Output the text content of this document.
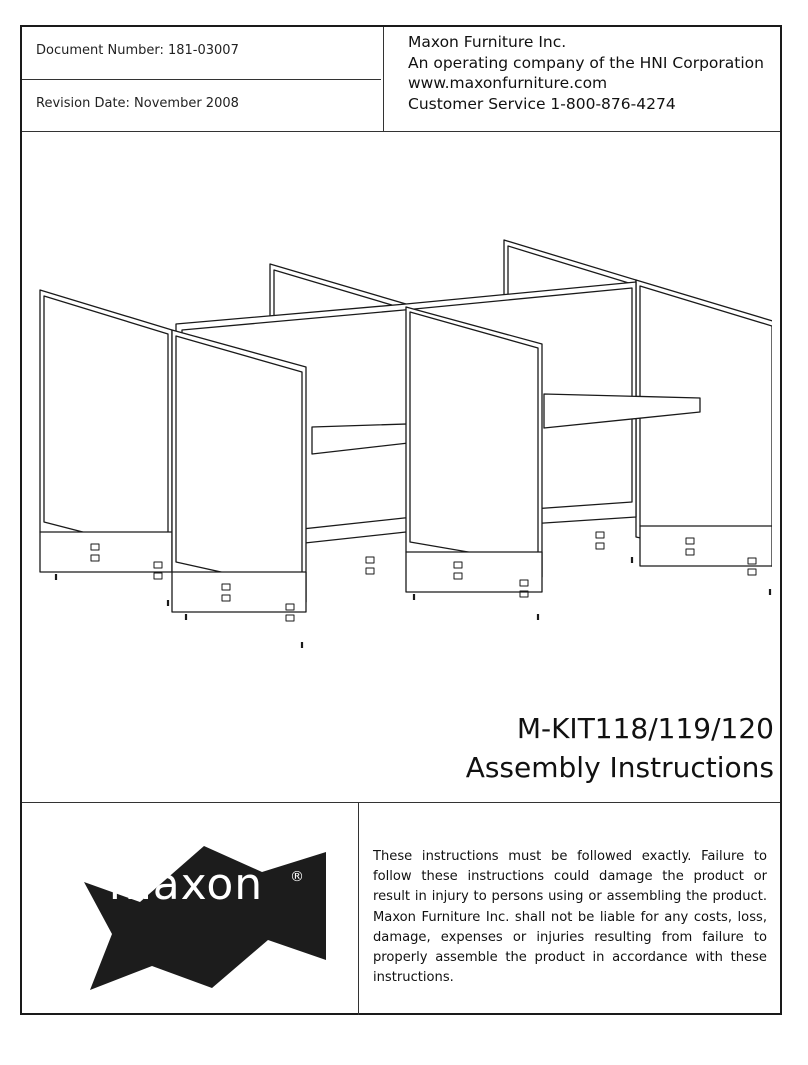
Document Number: 181-03007
Revision Date: November 2008
Maxon Furniture Inc.
An operating company of the HNI Corporation
www.maxonfurniture.com
Customer Service 1-800-876-4274
M-KIT118/119/120
Assembly Instructions
maxon	®
These instructions must be followed exactly. Failure to follow these instructions could damage the product or result in injury to persons using or assembling the product. Maxon Furniture Inc. shall not be liable for any costs, loss, damage, expenses or injuries resulting from failure to properly assemble the product in accordance with these instructions.
